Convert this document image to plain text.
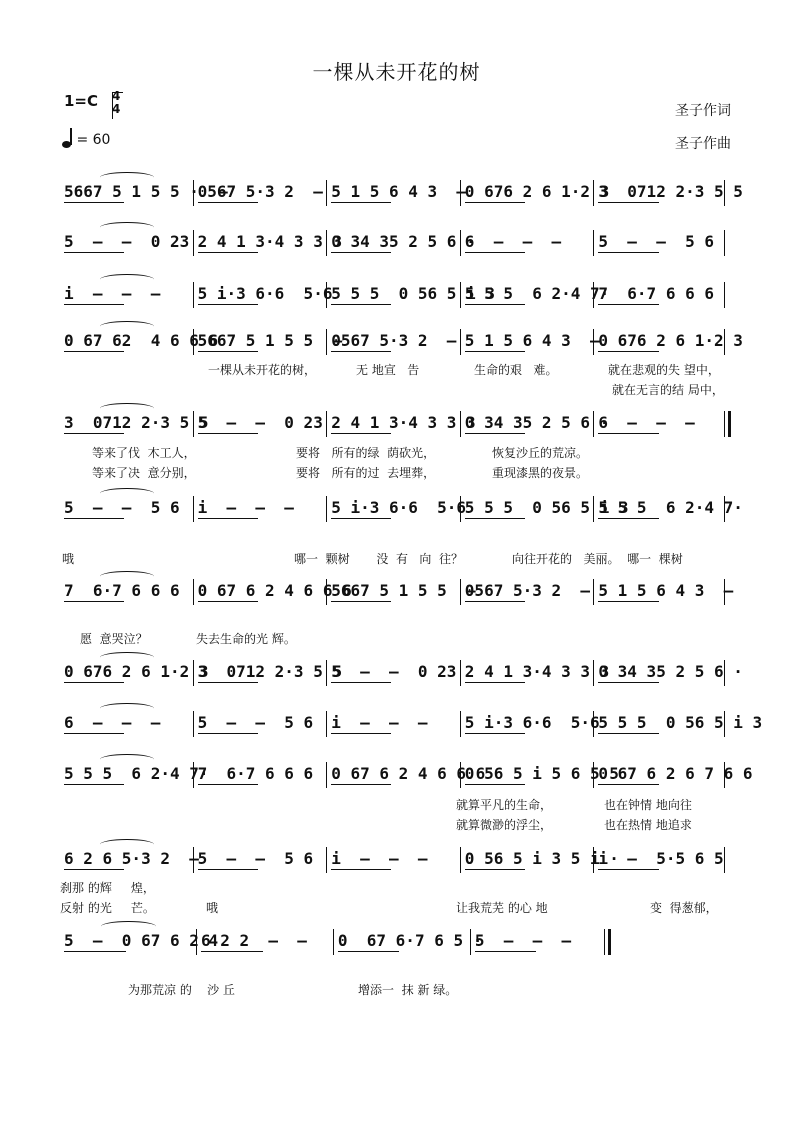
一棵从未开花的树
1=C 4
4
= 60
圣子作词
圣子作曲
5667 5 1 5 5 ·  –
0567 5·3 2  – 5 1 5 6 4 3  –
0 676 2 6 1·2 3
3  0712 2·3 5 5
5  –  –  0 23 2 4 1 3·4 3 3 3
0 34 35 2 5 6 ·
6  –  –  –	5  –  –  5 6
i  –  –  –	5 i·3 6·6  5·6
5 5 5  0 56 5 i 3
5 5 5  6 2·4 7·
7  6·7 6 6 6
0 67 62  4 6 6 6
5667 5 1 5 5  –
0567 5·3 2  – 5 1 5 6 4 3  –
0 676 2 6 1·2 3
3  0712 2·3 5 5
5  –  –  0 23 2 4 1 3·4 3 3 3
0 34 35 2 5 6 ·
6  –  –  –
5  –  –  5 6	i  –  –  –	5 i·3 6·6  5·6
5 5 5  0 56 5 i 3
5 5 5  6 2·4 7·
7  6·7 6 6 6	0 67 6 2 4 6 6 6
5667 5 1 5 5  –
0567 5·3 2  – 5 1 5 6 4 3  –
0 676 2 6 1·2 3
3  0712 2·3 5 5
5  –  –  0 23 2 4 1 3·4 3 3 3
0 34 35 2 5 6 ·
6  –  –  –	5  –  –  5 6	i  –  –  –	5 i·3 6·6  5·6
5 5 5  0 56 5 i 3
5 5 5  6 2·4 7·
7  6·7 6 6 6	0 67 6 2 4 6 6 6
0 56 5 i 5 6 5 5
0 67 6 2 6 7 6 6
6 2 6 5·3 2  –
5  –  –  5 6	i  –  –  –	0 56 5 i 3 5 i ·
i  –  5·5 6 5
5  –  0 67 6 2 4
6 2 2  –  –	0  67 6·7 6 5 ·
5  –  –  –
一棵从未开花的树，	无 地宣   告	生命的艰   难。	就在悲观的失 望中，
就在无言的结 局中，
等来了伐  木工人，
等来了决  意分别，
要将   所有的绿  荫砍光，
要将   所有的过  去埋葬，
恢复沙丘的荒凉。
重现漆黑的夜景。
哦	哪一  颗树       没  有   向  往？	向往开花的   美丽。  哪一  棵树
愿  意哭泣？	失去生命的光 辉。
就算平凡的生命，
就算微渺的浮尘，
也在钟情 地向往
也在热情 地追求
刹那 的辉     煌，
反射 的光     芒。	哦	让我荒芜 的心 地	变  得葱郁，
为那荒凉 的    沙 丘	增添一  抹 新 绿。
